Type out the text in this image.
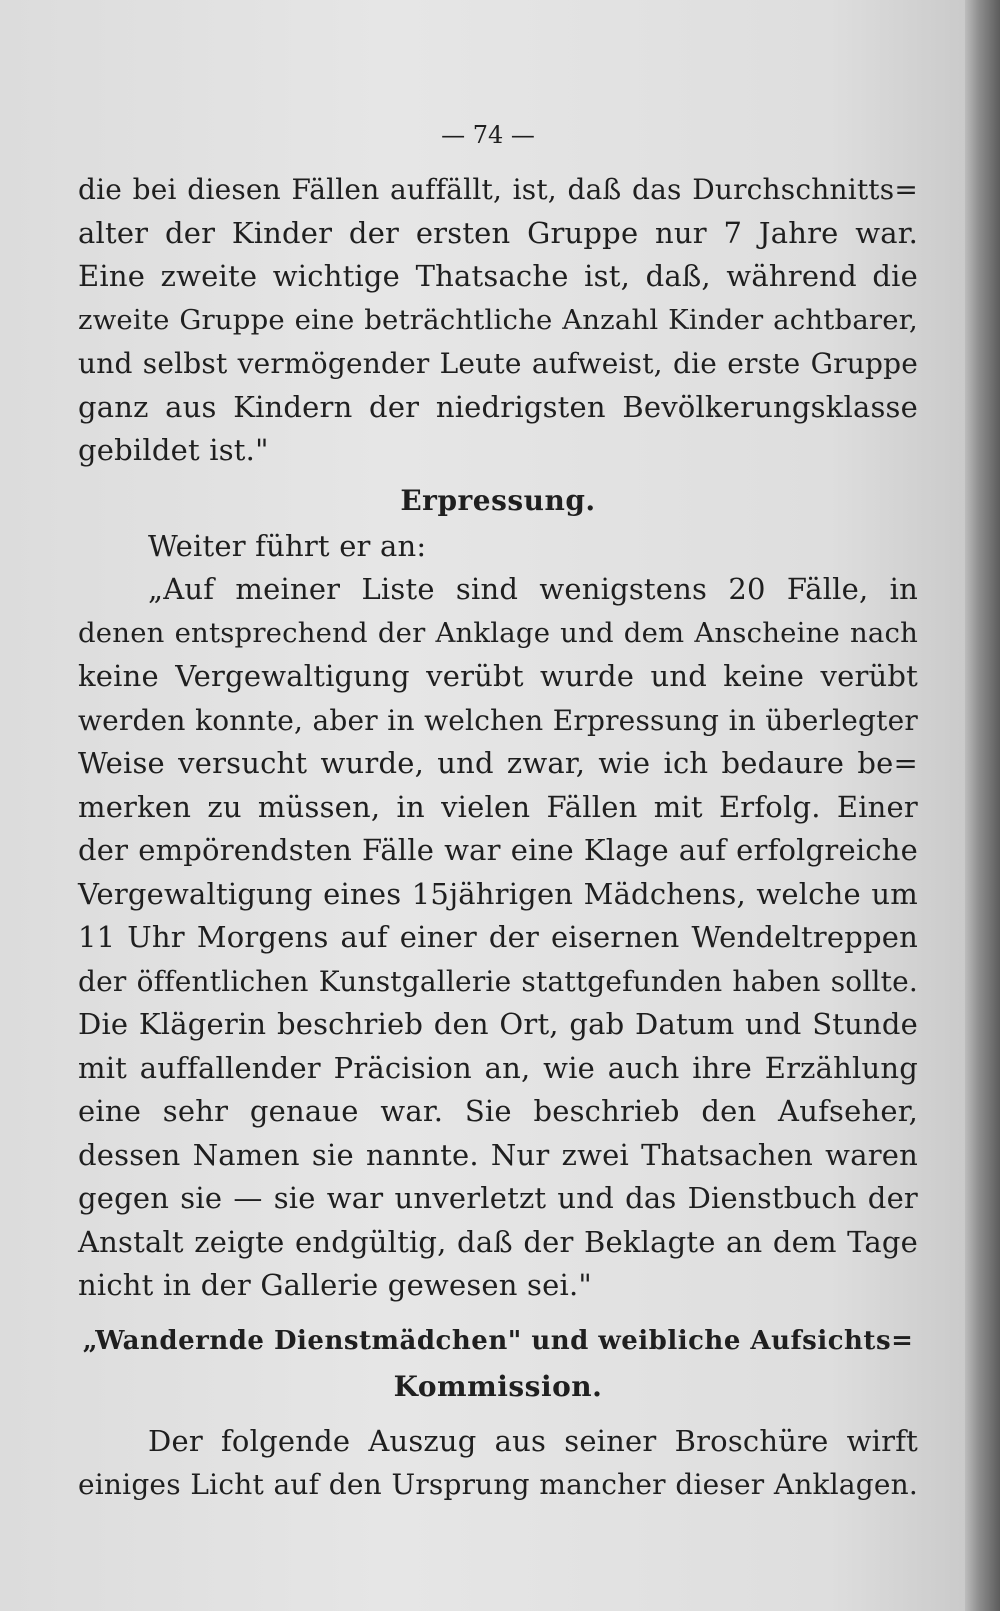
— 74 —
die bei diesen Fällen auffällt, ist, daß das Durchschnitts=
alter der Kinder der ersten Gruppe nur 7 Jahre war.
Eine zweite wichtige Thatsache ist, daß, während die
zweite Gruppe eine beträchtliche Anzahl Kinder achtbarer,
und selbst vermögender Leute aufweist, die erste Gruppe
ganz aus Kindern der niedrigsten Bevölkerungsklasse
gebildet ist."
Erpressung.
Weiter führt er an:
„Auf meiner Liste sind wenigstens 20 Fälle, in
denen entsprechend der Anklage und dem Anscheine nach
keine Vergewaltigung verübt wurde und keine verübt
werden konnte, aber in welchen Erpressung in überlegter
Weise versucht wurde, und zwar, wie ich bedaure be=
merken zu müssen, in vielen Fällen mit Erfolg. Einer
der empörendsten Fälle war eine Klage auf erfolgreiche
Vergewaltigung eines 15jährigen Mädchens, welche um
11 Uhr Morgens auf einer der eisernen Wendeltreppen
der öffentlichen Kunstgallerie stattgefunden haben sollte.
Die Klägerin beschrieb den Ort, gab Datum und Stunde
mit auffallender Präcision an, wie auch ihre Erzählung
eine sehr genaue war. Sie beschrieb den Aufseher,
dessen Namen sie nannte. Nur zwei Thatsachen waren
gegen sie — sie war unverletzt und das Dienstbuch der
Anstalt zeigte endgültig, daß der Beklagte an dem Tage
nicht in der Gallerie gewesen sei."
„Wandernde Dienstmädchen" und weibliche Aufsichts=
Kommission.
Der folgende Auszug aus seiner Broschüre wirft
einiges Licht auf den Ursprung mancher dieser Anklagen.
